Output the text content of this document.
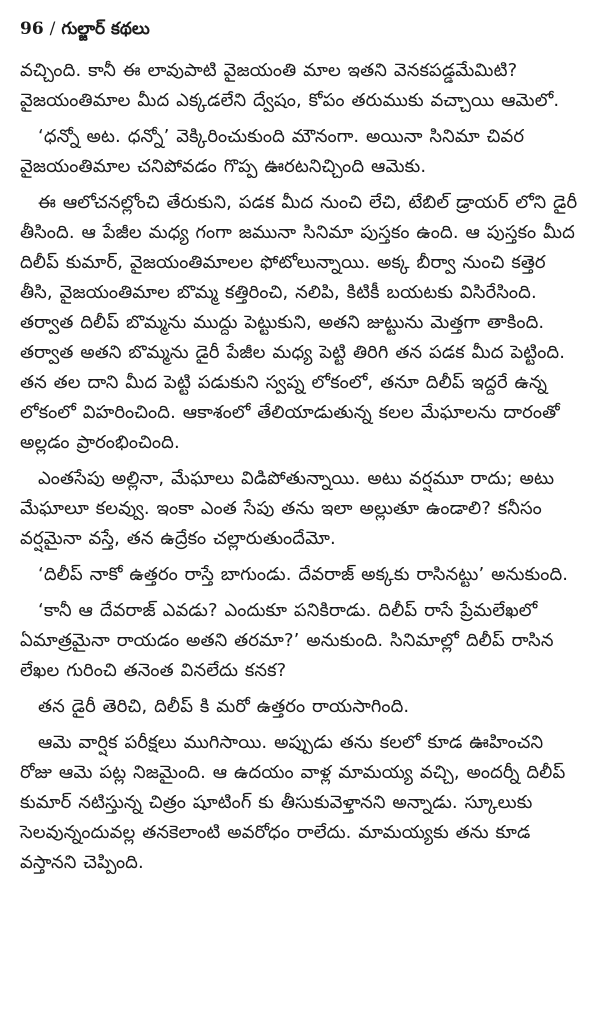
96 / గుల్జార్ కథలు

వచ్చింది. కానీ ఈ లావుపాటి వైజయంతి మాల ఇతని వెనకపడ్డమేమిటి? వైజయంతిమాల మీద ఎక్కడలేని ద్వేషం, కోపం తరుముకు వచ్చాయి ఆమెలో.

‘ధన్నో అట. ధన్నో’ వెక్కిరించుకుంది మౌనంగా. అయినా సినిమా చివర వైజయంతిమాల చనిపోవడం గొప్ప ఊరటనిచ్చింది ఆమెకు.

ఈ ఆలోచనల్లోంచి తేరుకుని, పడక మీద నుంచి లేచి, టేబిల్ డ్రాయర్ లోని డైరీ తీసింది. ఆ పేజీల మధ్య గంగా జమునా సినిమా పుస్తకం ఉంది. ఆ పుస్తకం మీద దిలీప్ కుమార్, వైజయంతిమాలల ఫోటోలున్నాయి. అక్క బీర్వా నుంచి కత్తెర తీసి, వైజయంతిమాల బొమ్మ కత్తిరించి, నలిపి, కిటికీ బయటకు విసిరేసింది. తర్వాత దిలీప్ బొమ్మను ముద్దు పెట్టుకుని, అతని జుట్టును మెత్తగా తాకింది. తర్వాత అతని బొమ్మను డైరీ పేజీల మధ్య పెట్టి తిరిగి తన పడక మీద పెట్టింది. తన తల దాని మీద పెట్టి పడుకుని స్వప్న లోకంలో, తనూ దిలీప్ ఇద్దరే ఉన్న లోకంలో విహరించింది. ఆకాశంలో తేలియాడుతున్న కలల మేఘాలను దారంతో అల్లడం ప్రారంభించింది.

ఎంతసేపు అల్లినా, మేఘాలు విడిపోతున్నాయి. అటు వర్షమూ రాదు; అటు మేఘాలూ కలవ్వు. ఇంకా ఎంత సేపు తను ఇలా అల్లుతూ ఉండాలి? కనీసం వర్షమైనా వస్తే, తన ఉద్రేకం చల్లారుతుందేమో.

‘దిలీప్ నాకో ఉత్తరం రాస్తే బాగుండు. దేవరాజ్ అక్కకు రాసినట్టు’ అనుకుంది.

‘కానీ ఆ దేవరాజ్ ఎవడు? ఎందుకూ పనికిరాడు. దిలీప్ రాసే ప్రేమలేఖలో ఏమాత్రమైనా రాయడం అతని తరమా?’ అనుకుంది. సినిమాల్లో దిలీప్ రాసిన లేఖల గురించి తనెంత వినలేదు కనక?

తన డైరీ తెరిచి, దిలీప్ కి మరో ఉత్తరం రాయసాగింది.

ఆమె వార్షిక పరీక్షలు ముగిసాయి. అప్పుడు తను కలలో కూడ ఊహించని రోజు ఆమె పట్ల నిజమైంది. ఆ ఉదయం వాళ్ల మామయ్య వచ్చి, అందర్నీ దిలీప్ కుమార్ నటిస్తున్న చిత్రం షూటింగ్ కు తీసుకువెళ్తానని అన్నాడు. స్కూలుకు సెలవున్నందువల్ల తనకెలాంటి అవరోధం రాలేదు. మామయ్యకు తను కూడ వస్తానని చెప్పింది.
